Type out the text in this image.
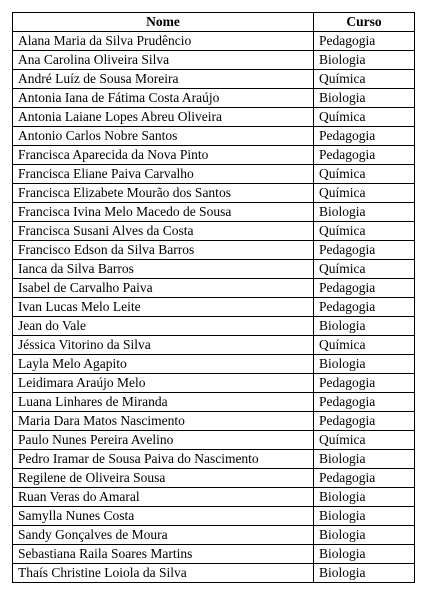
Nome	Curso
Alana Maria da Silva Prudêncio	Pedagogia
Ana Carolina Oliveira Silva	Biologia
André Luíz de Sousa Moreira	Química
Antonia Iana de Fátima Costa Araújo	Biologia
Antonia Laiane Lopes Abreu Oliveira	Química
Antonio Carlos Nobre Santos	Pedagogia
Francisca Aparecida da Nova Pinto	Pedagogia
Francisca Eliane Paiva Carvalho	Química
Francisca Elizabete Mourão dos Santos	Química
Francisca Ivina Melo Macedo de Sousa	Biologia
Francisca Susani Alves da Costa	Química
Francisco Edson da Silva Barros	Pedagogia
Ianca da Silva Barros	Química
Isabel de Carvalho Paiva	Pedagogia
Ivan Lucas Melo Leite	Pedagogia
Jean do Vale	Biologia
Jéssica Vitorino da Silva	Química
Layla Melo Agapito	Biologia
Leidimara Araújo Melo	Pedagogia
Luana Linhares de Miranda	Pedagogia
Maria Dara Matos Nascimento	Pedagogia
Paulo Nunes Pereira Avelino	Química
Pedro Iramar de Sousa Paiva do Nascimento	Biologia
Regilene de Oliveira Sousa	Pedagogia
Ruan Veras do Amaral	Biologia
Samylla Nunes Costa	Biologia
Sandy Gonçalves de Moura	Biologia
Sebastiana Raila Soares Martins	Biologia
Thaís Christine Loiola da Silva	Biologia
